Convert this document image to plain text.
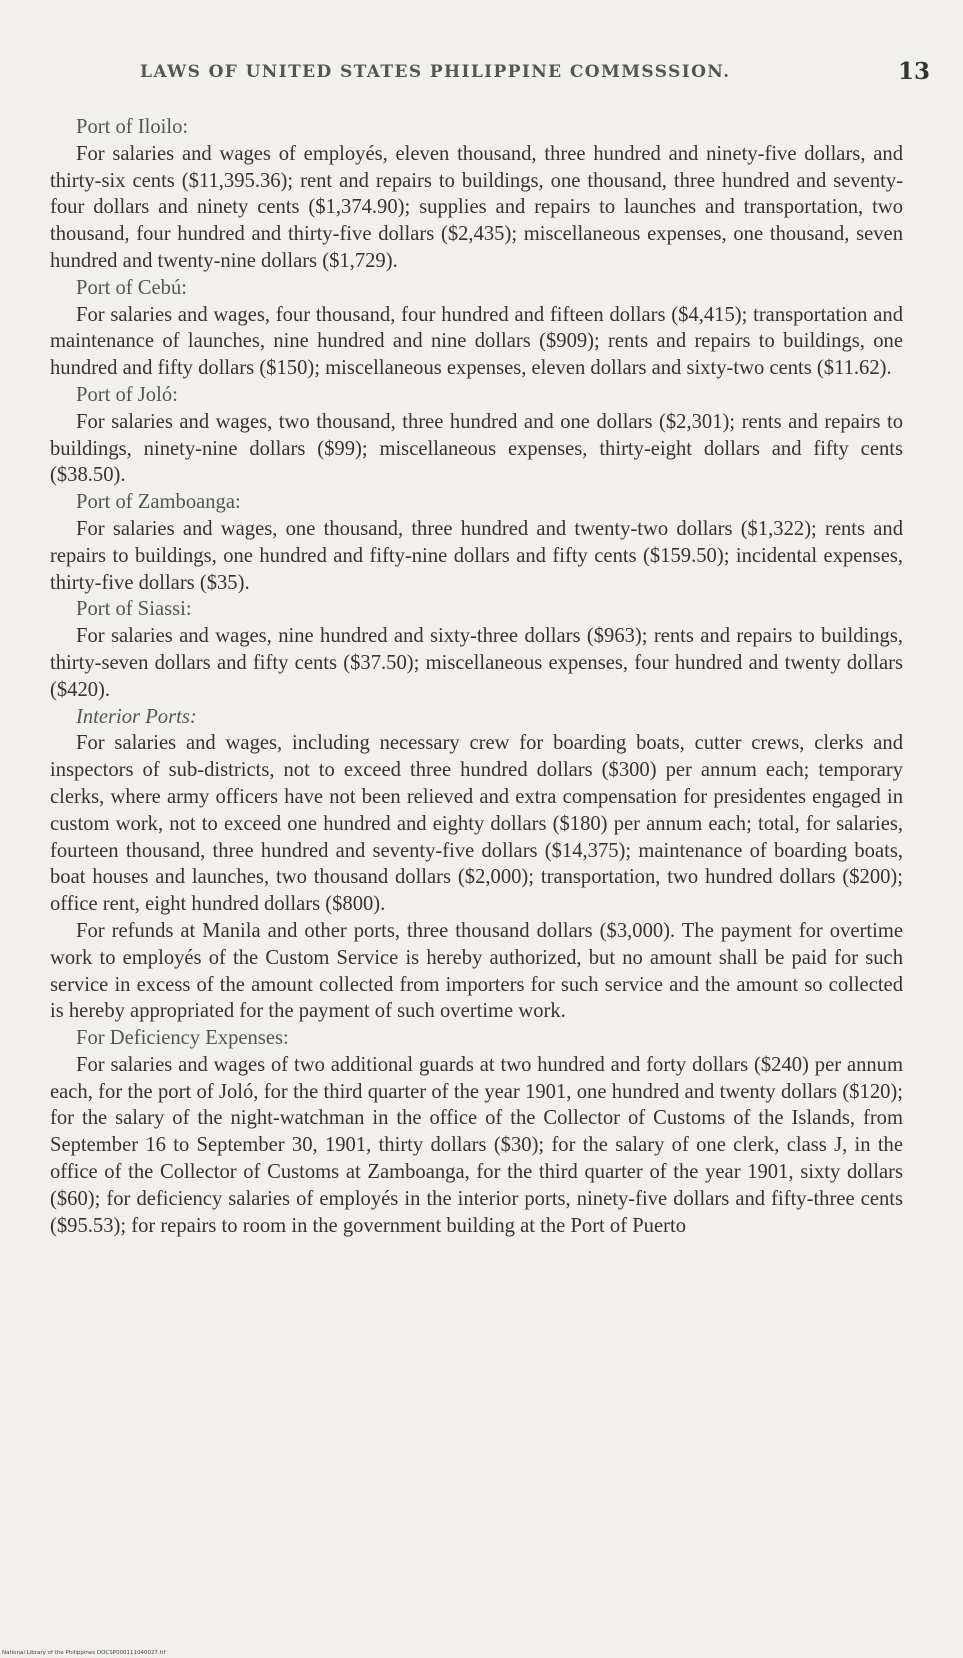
LAWS OF UNITED STATES PHILIPPINE COMMSSSION.	13

Port of Iloilo:

For salaries and wages of employés, eleven thousand, three hundred and ninety-five dollars, and thirty-six cents ($11,395.36); rent and repairs to buildings, one thousand, three hundred and seventy-four dollars and ninety cents ($1,374.90); supplies and repairs to launches and transportation, two thousand, four hundred and thirty-five dollars ($2,435); miscellaneous expenses, one thousand, seven hundred and twenty-nine dollars ($1,729).

Port of Cebú:

For salaries and wages, four thousand, four hundred and fifteen dollars ($4,415); transportation and maintenance of launches, nine hundred and nine dollars ($909); rents and repairs to buildings, one hundred and fifty dollars ($150); miscellaneous expenses, eleven dollars and sixty-two cents ($11.62).

Port of Joló:

For salaries and wages, two thousand, three hundred and one dollars ($2,301); rents and repairs to buildings, ninety-nine dollars ($99); miscellaneous expenses, thirty-eight dollars and fifty cents ($38.50).

Port of Zamboanga:

For salaries and wages, one thousand, three hundred and twenty-two dollars ($1,322); rents and repairs to buildings, one hundred and fifty-nine dollars and fifty cents ($159.50); incidental expenses, thirty-five dollars ($35).

Port of Siassi:

For salaries and wages, nine hundred and sixty-three dollars ($963); rents and repairs to buildings, thirty-seven dollars and fifty cents ($37.50); miscellaneous expenses, four hundred and twenty dollars ($420).

Interior Ports:

For salaries and wages, including necessary crew for boarding boats, cutter crews, clerks and inspectors of sub-districts, not to exceed three hundred dollars ($300) per annum each; temporary clerks, where army officers have not been relieved and extra compensation for presidentes engaged in custom work, not to exceed one hundred and eighty dollars ($180) per annum each; total, for salaries, fourteen thousand, three hundred and seventy-five dollars ($14,375); maintenance of boarding boats, boat houses and launches, two thousand dollars ($2,000); transportation, two hundred dollars ($200); office rent, eight hundred dollars ($800).

For refunds at Manila and other ports, three thousand dollars ($3,000). The payment for overtime work to employés of the Custom Service is hereby authorized, but no amount shall be paid for such service in excess of the amount collected from importers for such service and the amount so collected is hereby appropriated for the payment of such overtime work.

For Deficiency Expenses:

For salaries and wages of two additional guards at two hundred and forty dollars ($240) per annum each, for the port of Joló, for the third quarter of the year 1901, one hundred and twenty dollars ($120); for the salary of the night-watchman in the office of the Collector of Customs of the Islands, from September 16 to September 30, 1901, thirty dollars ($30); for the salary of one clerk, class J, in the office of the Collector of Customs at Zamboanga, for the third quarter of the year 1901, sixty dollars ($60); for deficiency salaries of employés in the interior ports, ninety-five dollars and fifty-three cents ($95.53); for repairs to room in the government building at the Port of Puerto

National Library of the Philippines DOCSP000111040027.tif
